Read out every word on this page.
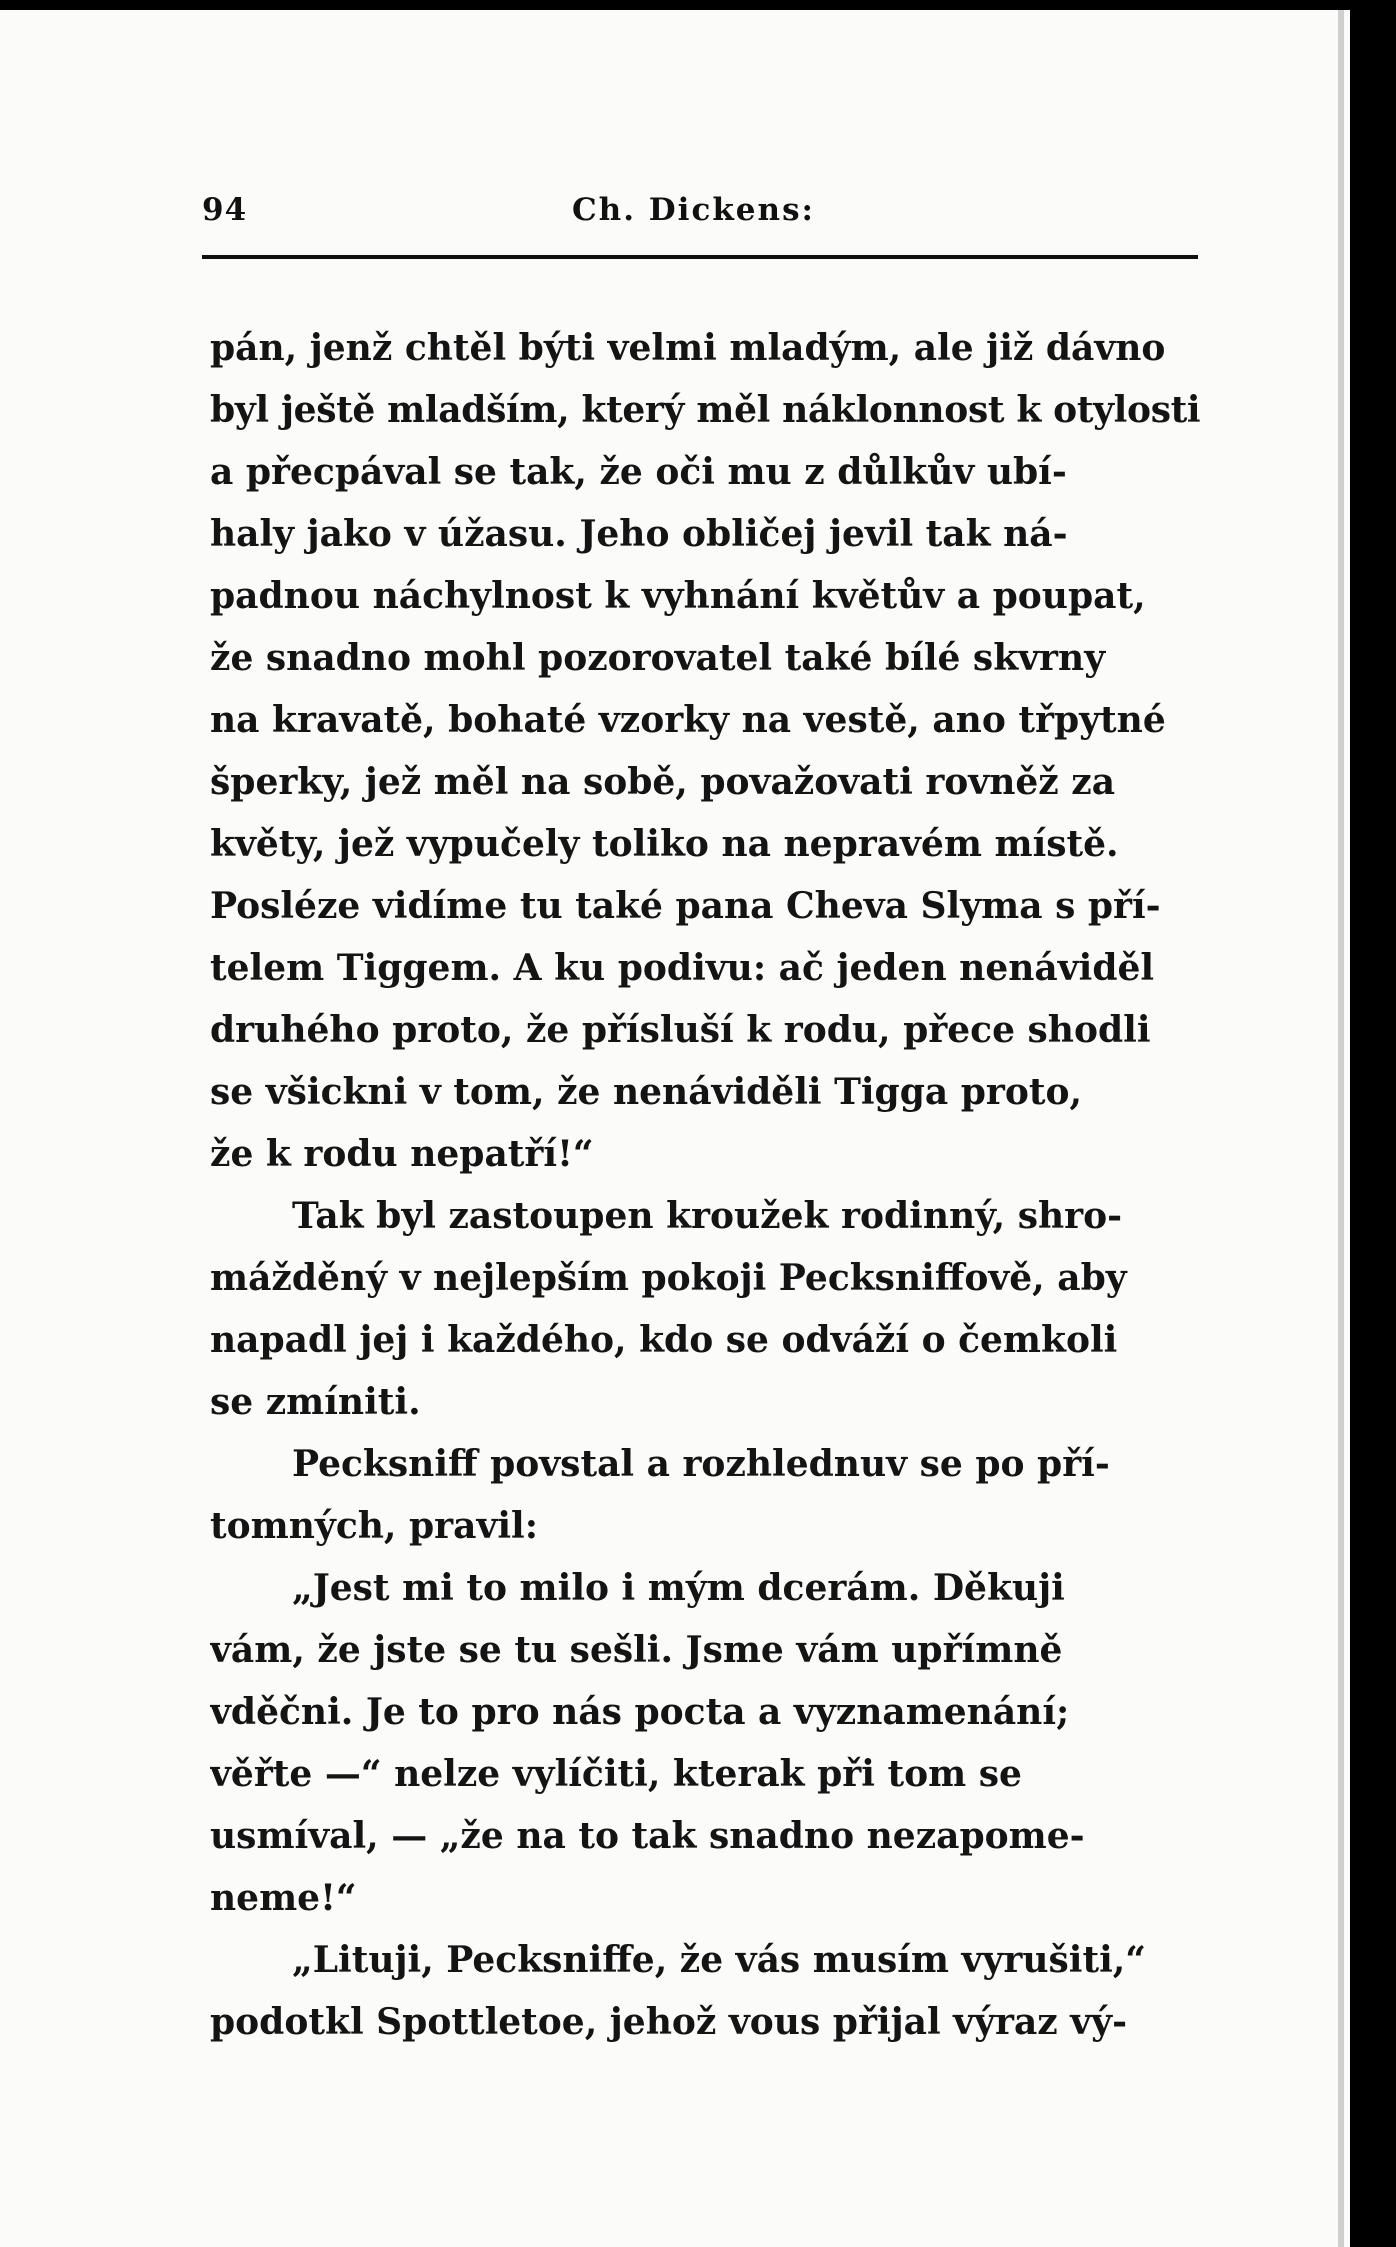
94	Ch. Dickens:
pán, jenž chtěl býti velmi mladým, ale již dávno
byl ještě mladším, který měl náklonnost k otylosti
a přecpával se tak, že oči mu z důlkův ubí-
haly jako v úžasu. Jeho obličej jevil tak ná-
padnou náchylnost k vyhnání květův a poupat,
že snadno mohl pozorovatel také bílé skvrny
na kravatě, bohaté vzorky na vestě, ano třpytné
šperky, jež měl na sobě, považovati rovněž za
květy, jež vypučely toliko na nepravém místě.
Posléze vidíme tu také pana Cheva Slyma s pří-
telem Tiggem. A ku podivu: ač jeden nenáviděl
druhého proto, že přísluší k rodu, přece shodli
se všickni v tom, že nenáviděli Tigga proto,
že k rodu nepatří!“
Tak byl zastoupen kroužek rodinný, shro-
mážděný v nejlepším pokoji Pecksniffově, aby
napadl jej i každého, kdo se odváží o čemkoli
se zmíniti.
Pecksniff povstal a rozhlednuv se po pří-
tomných, pravil:
„Jest mi to milo i mým dcerám. Děkuji
vám, že jste se tu sešli. Jsme vám upřímně
vděčni. Je to pro nás pocta a vyznamenání;
věřte —“ nelze vylíčiti, kterak při tom se
usmíval, — „že na to tak snadno nezapome-
neme!“
„Lituji, Pecksniffe, že vás musím vyrušiti,“
podotkl Spottletoe, jehož vous přijal výraz vý-
